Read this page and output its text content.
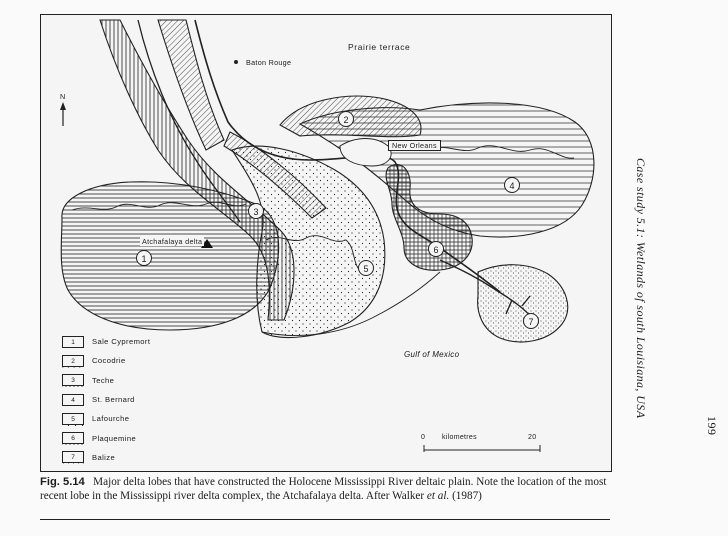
N
Baton Rouge
Prairie terrace
New Orleans
Atchafalaya delta
Gulf of Mexico
1
2
3
4
5
6
7
1	Sale Cypremort
2	Cocodrie
3	Teche
4	St. Bernard
5	Lafourche
6	Plaquemine
7	Balize
0 kilometres	20
Fig. 5.14 Major delta lobes that have constructed the Holocene Mississippi River deltaic plain. Note the location of the most recent lobe in the Mississippi river delta complex, the Atchafalaya delta. After Walker et al. (1987)
Case study 5.1: Wetlands of south Louisiana, USA
199
